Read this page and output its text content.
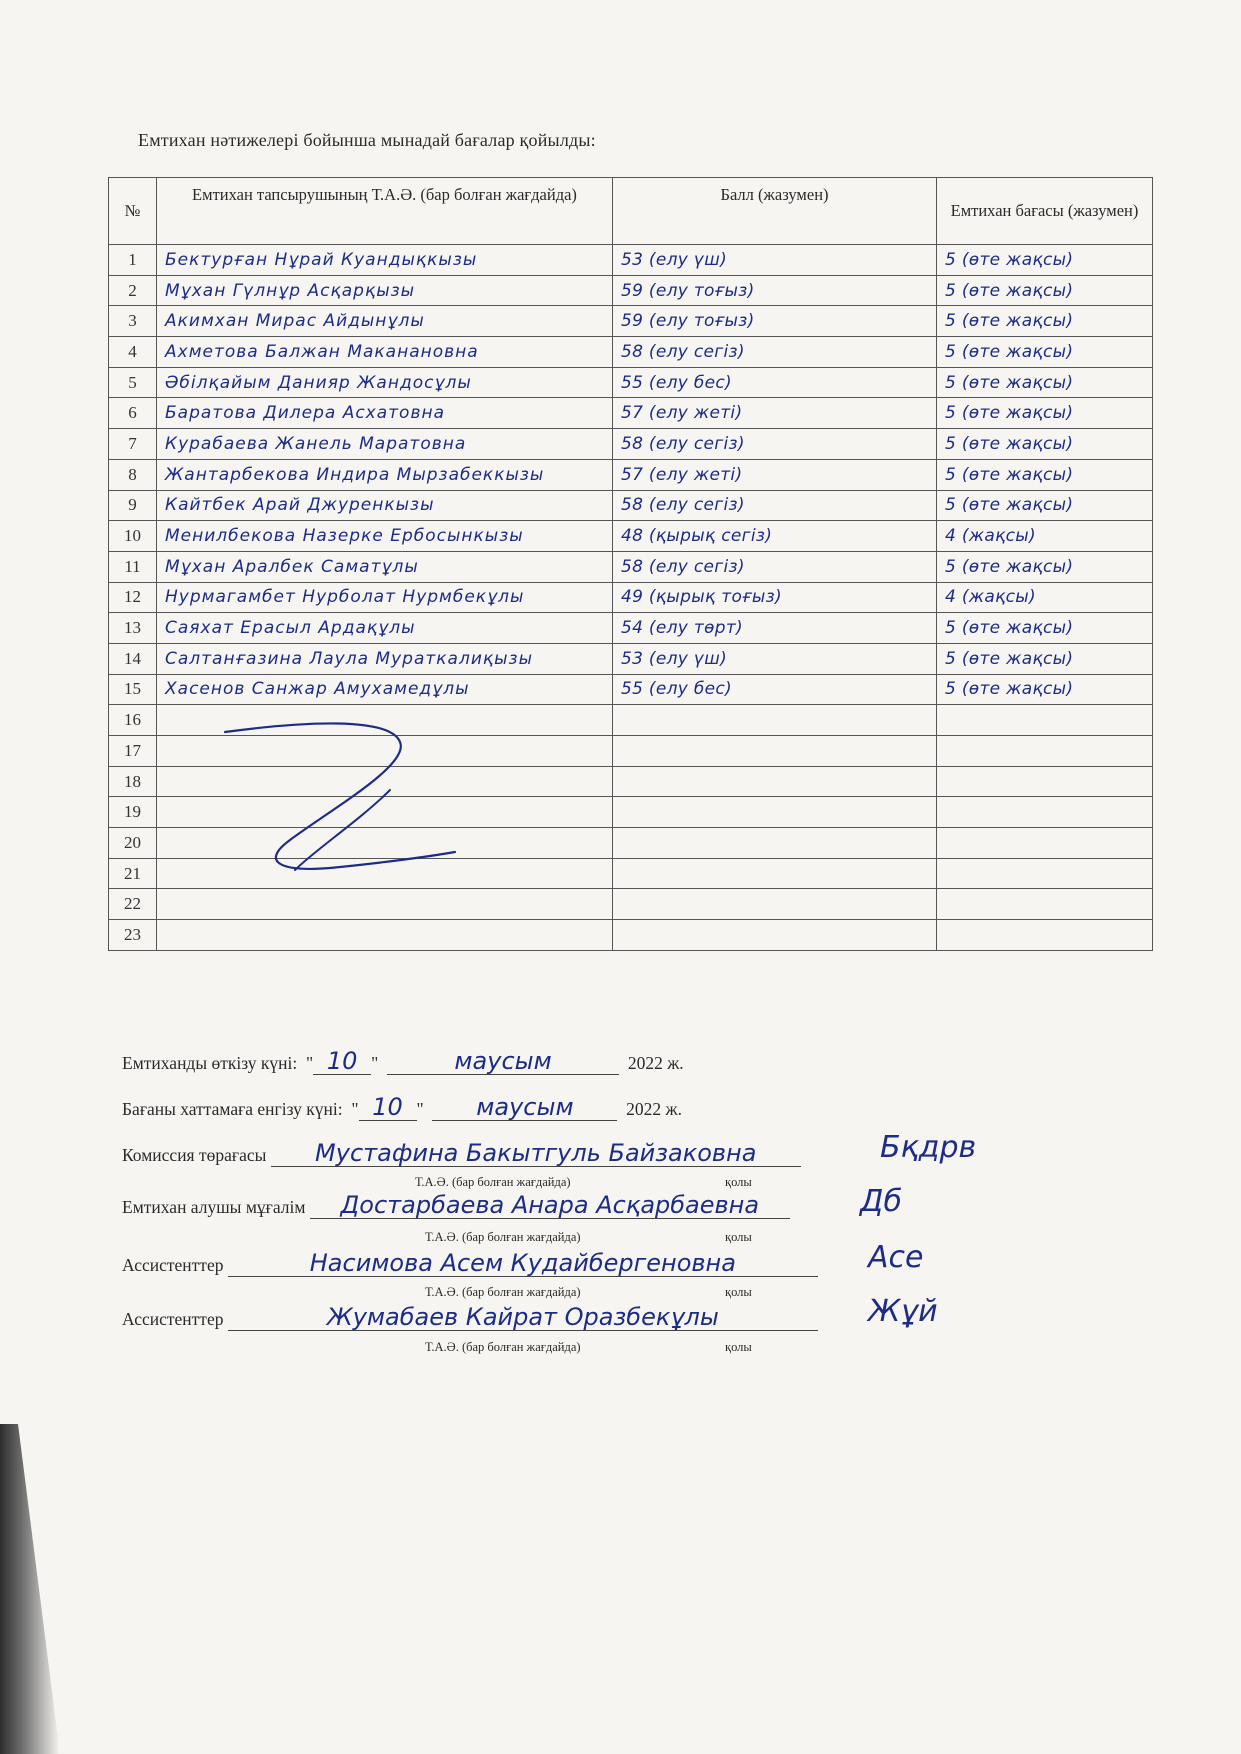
Емтихан нәтижелері бойынша мынадай бағалар қойылды:
№	Емтихан тапсырушының Т.А.Ә. (бар болған жағдайда)	Балл (жазумен)	Емтихан бағасы (жазумен)
1	Бектурған Нұрай Куандықкызы	53 (елу үш)	5 (өте жақсы)
2	Мұхан Гүлнұр Асқарқызы	59 (елу тоғыз)	5 (өте жақсы)
3	Акимхан Мирас Айдынұлы	59 (елу тоғыз)	5 (өте жақсы)
4	Ахметова Балжан Маканановна	58 (елу сегіз)	5 (өте жақсы)
5	Әбілқайым Данияр Жандосұлы	55 (елу бес)	5 (өте жақсы)
6	Баратова Дилера Асхатовна	57 (елу жеті)	5 (өте жақсы)
7	Курабаева Жанель Маратовна	58 (елу сегіз)	5 (өте жақсы)
8	Жантарбекова Индира Мырзабеккызы	57 (елу жеті)	5 (өте жақсы)
9	Кайтбек Арай Джуренкызы	58 (елу сегіз)	5 (өте жақсы)
10	Менилбекова Назерке Ербосынкызы	48 (қырық сегіз)	4 (жақсы)
11	Мұхан Аралбек Саматұлы	58 (елу сегіз)	5 (өте жақсы)
12	Нурмагамбет Нурболат Нурмбекұлы	49 (қырық тоғыз)	4 (жақсы)
13	Саяхат Ерасыл Ардақұлы	54 (елу төрт)	5 (өте жақсы)
14	Салтанғазина Лаула Мураткалиқызы	53 (елу үш)	5 (өте жақсы)
15	Хасенов Санжар Амухамедұлы	55 (елу бес)	5 (өте жақсы)
16			
17			
18			
19			
20			
21			
22			
23			
Емтиханды өткізу күні:  " 10 "	маусым	2022 ж.
Бағаны хаттамаға енгізу күні:  " 10 "  маусым	2022 ж.
Комиссия төрағасы Мустафина Бакытгуль Байзаковна	Бқдрв
Т.А.Ә. (бар болған жағдайда)	қолы
Емтихан алушы мұғалім Достарбаева Анара Асқарбаевна	Дб
Т.А.Ә. (бар болған жағдайда)	қолы
Ассистенттер	Насимова Асем Кудайбергеновна	Асе
Т.А.Ә. (бар болған жағдайда)	қолы
Ассистенттер	Жумабаев Кайрат Оразбекұлы	Жұй
Т.А.Ә. (бар болған жағдайда)	қолы
